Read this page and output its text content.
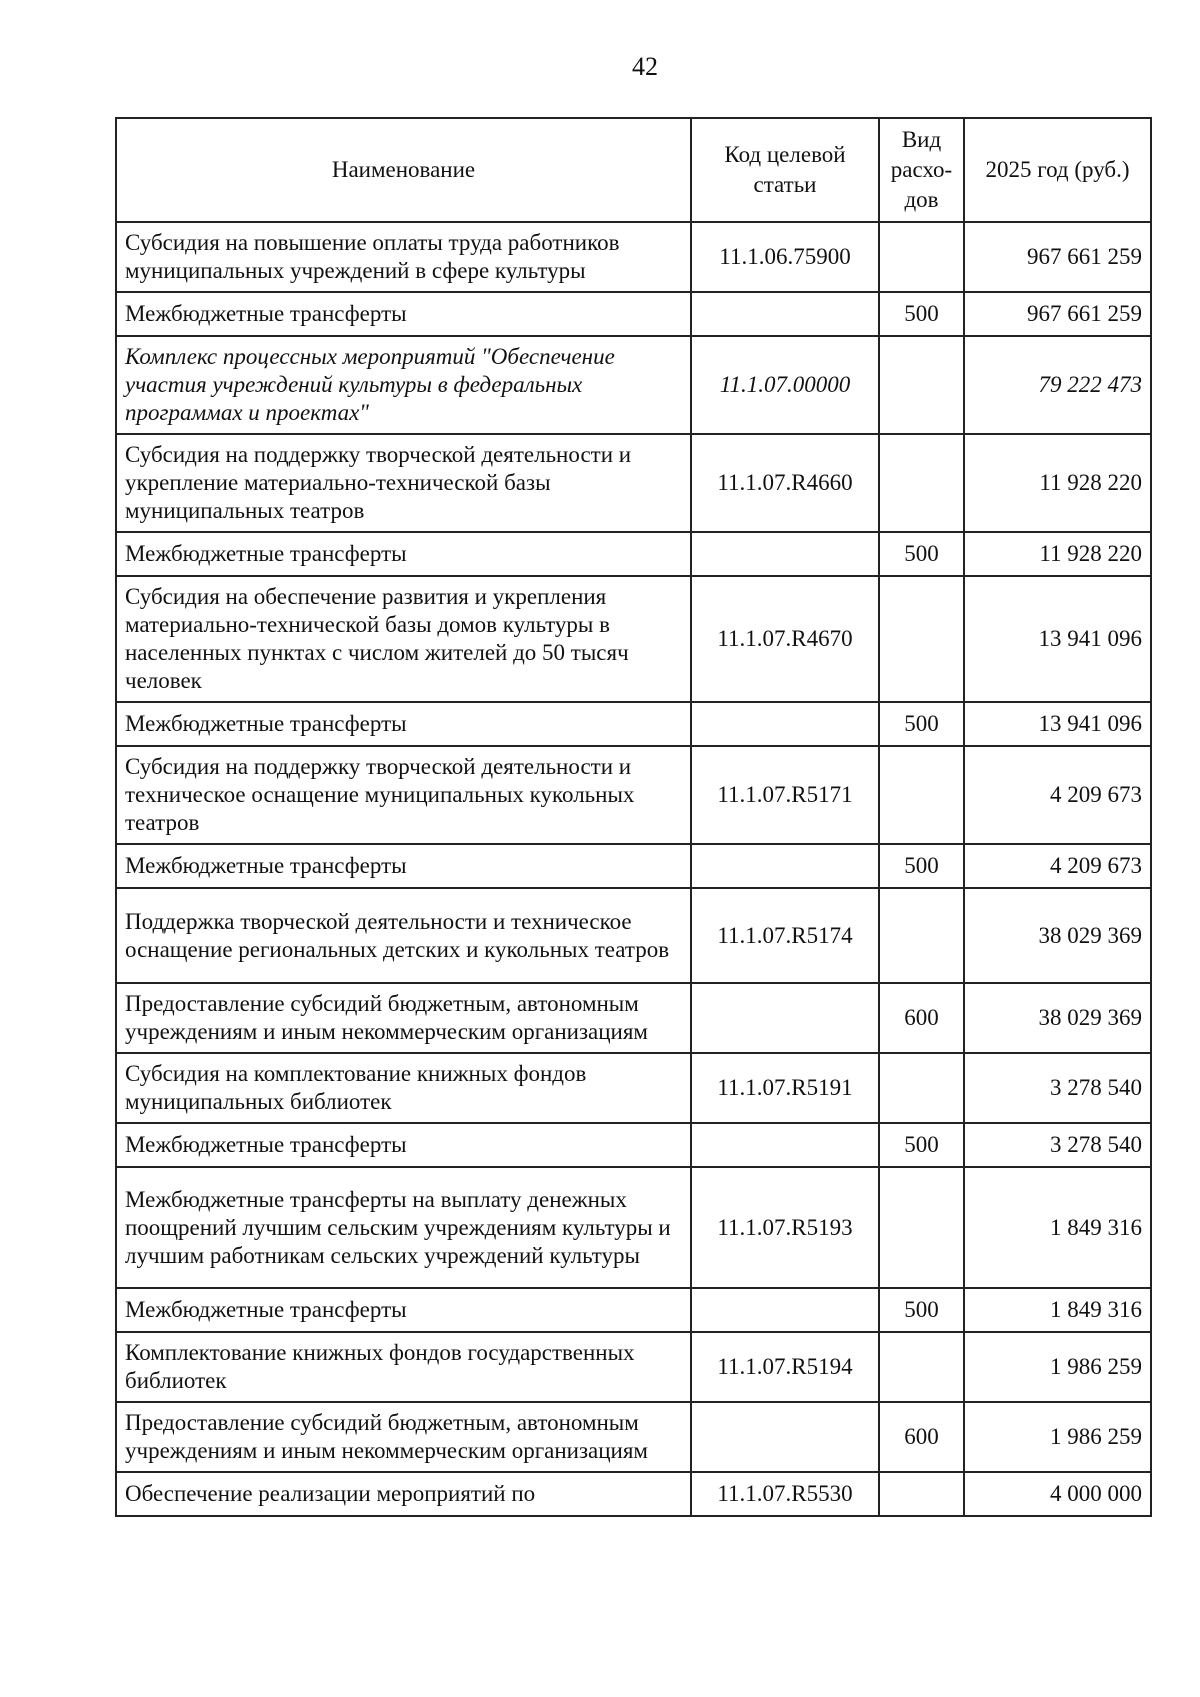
42
Наименование	Код целевой статьи	Вид расхо-дов	2025 год (руб.)
Субсидия на повышение оплаты труда работников муниципальных учреждений в сфере культуры	11.1.06.75900		967 661 259
Межбюджетные трансферты		500	967 661 259
Комплекс процессных мероприятий "Обеспечение участия учреждений культуры в федеральных программах и проектах"	11.1.07.00000		79 222 473
Субсидия на поддержку творческой деятельности и укрепление материально-технической базы муниципальных театров	11.1.07.R4660		11 928 220
Межбюджетные трансферты		500	11 928 220
Субсидия на обеспечение развития и укрепления материально-технической базы домов культуры в населенных пунктах с числом жителей до 50 тысяч человек	11.1.07.R4670		13 941 096
Межбюджетные трансферты		500	13 941 096
Субсидия на поддержку творческой деятельности и техническое оснащение муниципальных кукольных театров	11.1.07.R5171		4 209 673
Межбюджетные трансферты		500	4 209 673
Поддержка творческой деятельности и техническое оснащение региональных детских и кукольных театров	11.1.07.R5174		38 029 369
Предоставление субсидий бюджетным, автономным учреждениям и иным некоммерческим организациям		600	38 029 369
Субсидия на комплектование книжных фондов муниципальных библиотек	11.1.07.R5191		3 278 540
Межбюджетные трансферты		500	3 278 540
Межбюджетные трансферты на выплату денежных поощрений лучшим сельским учреждениям культуры и лучшим работникам сельских учреждений культуры	11.1.07.R5193		1 849 316
Межбюджетные трансферты		500	1 849 316
Комплектование книжных фондов государственных библиотек	11.1.07.R5194		1 986 259
Предоставление субсидий бюджетным, автономным учреждениям и иным некоммерческим организациям		600	1 986 259
Обеспечение реализации мероприятий по	11.1.07.R5530		4 000 000
